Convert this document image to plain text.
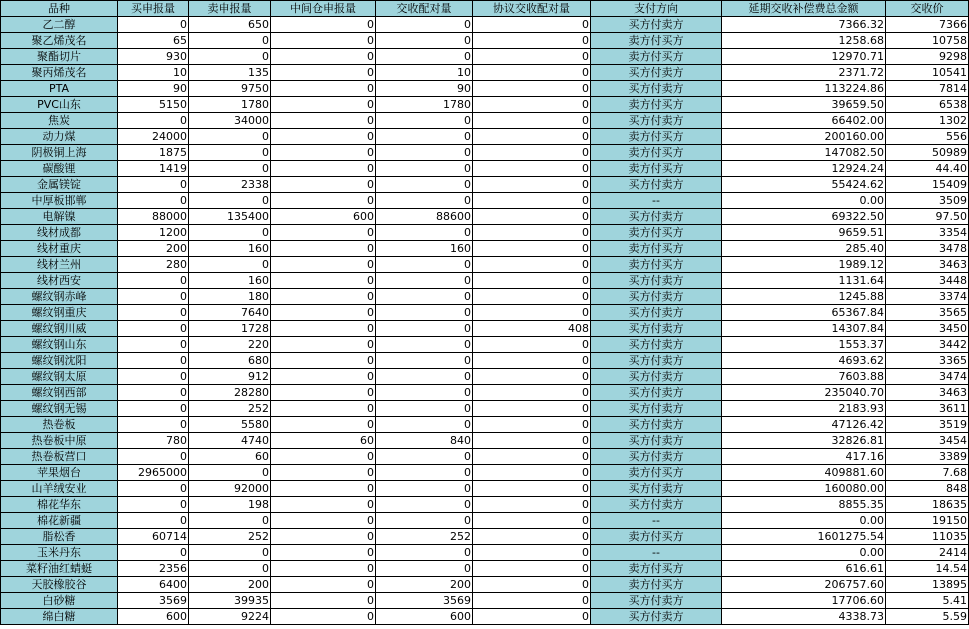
品种	买申报量	卖申报量	中间仓申报量	交收配对量	协议交收配对量	支付方向	延期交收补偿费总金额	交收价
乙二醇	0	650	0	0	0	买方付卖方	7366.32	7366
聚乙烯茂名	65	0	0	0	0	卖方付买方	1258.68	10758
聚酯切片	930	0	0	0	0	卖方付买方	12970.71	9298
聚丙烯茂名	10	135	0	10	0	买方付卖方	2371.72	10541
PTA	90	9750	0	90	0	买方付卖方	113224.86	7814
PVC山东	5150	1780	0	1780	0	卖方付买方	39659.50	6538
焦炭	0	34000	0	0	0	买方付卖方	66402.00	1302
动力煤	24000	0	0	0	0	卖方付买方	200160.00	556
阴极铜上海	1875	0	0	0	0	卖方付买方	147082.50	50989
碳酸锂	1419	0	0	0	0	卖方付买方	12924.24	44.40
金属镁锭	0	2338	0	0	0	买方付卖方	55424.62	15409
中厚板邯郸	0	0	0	0	0	--	0.00	3509
电解镍	88000	135400	600	88600	0	买方付卖方	69322.50	97.50
线材成都	1200	0	0	0	0	卖方付买方	9659.51	3354
线材重庆	200	160	0	160	0	卖方付买方	285.40	3478
线材兰州	280	0	0	0	0	卖方付买方	1989.12	3463
线材西安	0	160	0	0	0	买方付卖方	1131.64	3448
螺纹钢赤峰	0	180	0	0	0	买方付卖方	1245.88	3374
螺纹钢重庆	0	7640	0	0	0	买方付卖方	65367.84	3565
螺纹钢川威	0	1728	0	0	408	买方付卖方	14307.84	3450
螺纹钢山东	0	220	0	0	0	买方付卖方	1553.37	3442
螺纹钢沈阳	0	680	0	0	0	买方付卖方	4693.62	3365
螺纹钢太原	0	912	0	0	0	买方付卖方	7603.88	3474
螺纹钢西部	0	28280	0	0	0	买方付卖方	235040.70	3463
螺纹钢无锡	0	252	0	0	0	买方付卖方	2183.93	3611
热卷板	0	5580	0	0	0	买方付卖方	47126.42	3519
热卷板中原	780	4740	60	840	0	买方付卖方	32826.81	3454
热卷板营口	0	60	0	0	0	买方付卖方	417.16	3389
苹果烟台	2965000	0	0	0	0	卖方付买方	409881.60	7.68
山羊绒安业	0	92000	0	0	0	买方付卖方	160080.00	848
棉花华东	0	198	0	0	0	买方付卖方	8855.35	18635
棉花新疆	0	0	0	0	0	--	0.00	19150
脂松香	60714	252	0	252	0	卖方付买方	1601275.54	11035
玉米丹东	0	0	0	0	0	--	0.00	2414
菜籽油红蜻蜓	2356	0	0	0	0	卖方付买方	616.61	14.54
天胶橡胶谷	6400	200	0	200	0	卖方付买方	206757.60	13895
白砂糖	3569	39935	0	3569	0	买方付卖方	17706.60	5.41
绵白糖	600	9224	0	600	0	买方付卖方	4338.73	5.59
